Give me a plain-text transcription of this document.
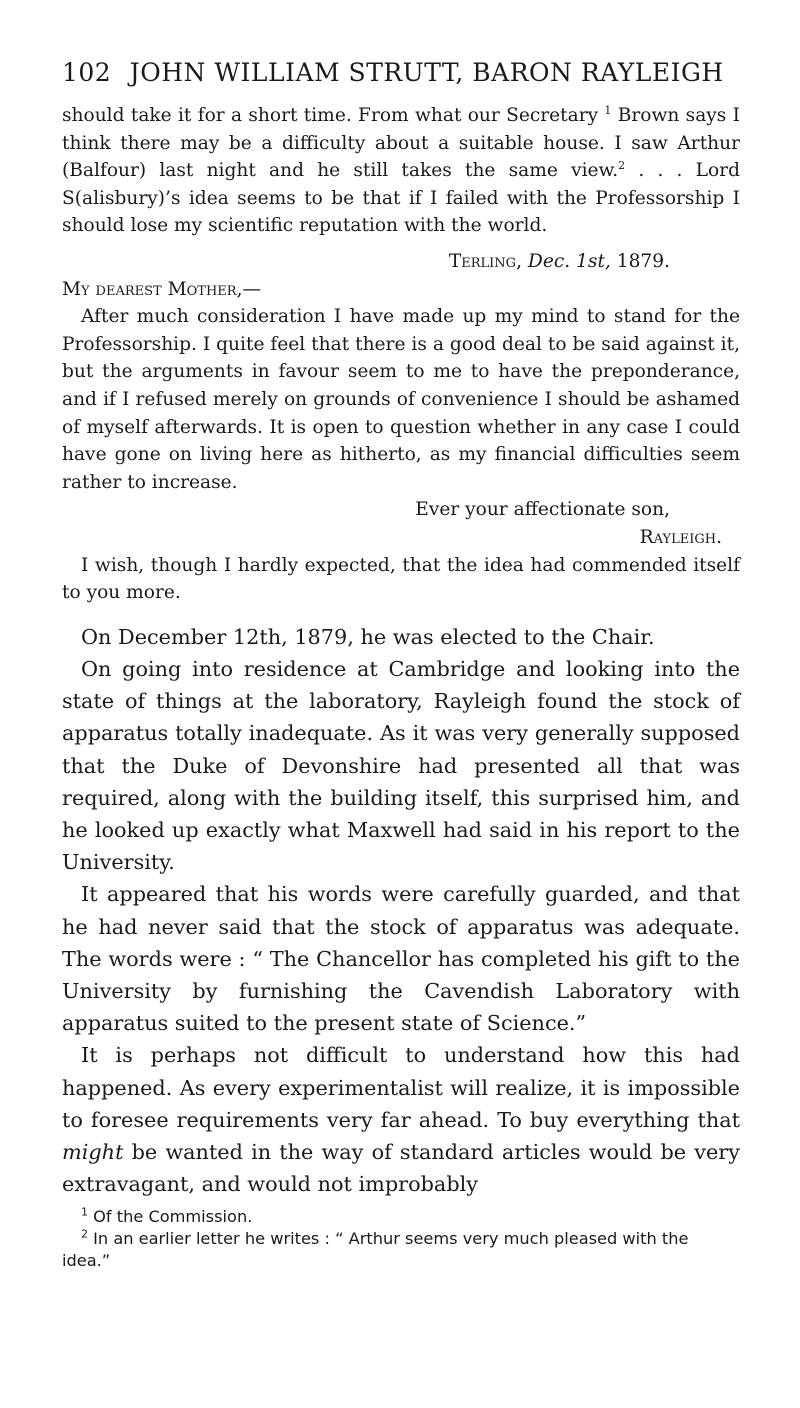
102 JOHN WILLIAM STRUTT, BARON RAYLEIGH

should take it for a short time. From what our Secretary $^1$ Brown says I think there may be a difficulty about a suitable house. I saw Arthur (Balfour) last night and he still takes the same view.$^2$ . . . Lord S(alisbury)’s idea seems to be that if I failed with the Professorship I should lose my scientific reputation with the world.

Terling, Dec. 1st, 1879.

My dearest Mother,—

After much consideration I have made up my mind to stand for the Professorship. I quite feel that there is a good deal to be said against it, but the arguments in favour seem to me to have the preponderance, and if I refused merely on grounds of convenience I should be ashamed of myself afterwards. It is open to question whether in any case I could have gone on living here as hitherto, as my financial difficulties seem rather to increase.

Ever your affectionate son,
Rayleigh.

I wish, though I hardly expected, that the idea had commended itself to you more.

On December 12th, 1879, he was elected to the Chair.

On going into residence at Cambridge and looking into the state of things at the laboratory, Rayleigh found the stock of apparatus totally inadequate. As it was very generally supposed that the Duke of Devonshire had presented all that was required, along with the building itself, this surprised him, and he looked up exactly what Maxwell had said in his report to the University.

It appeared that his words were carefully guarded, and that he had never said that the stock of apparatus was adequate. The words were : “ The Chancellor has completed his gift to the University by furnishing the Cavendish Laboratory with apparatus suited to the present state of Science.”

It is perhaps not difficult to understand how this had happened. As every experimentalist will realize, it is impossible to foresee requirements very far ahead. To buy everything that might be wanted in the way of standard articles would be very extravagant, and would not improbably

$^1$ Of the Commission.

$^2$ In an earlier letter he writes : “ Arthur seems very much pleased with the idea.”
